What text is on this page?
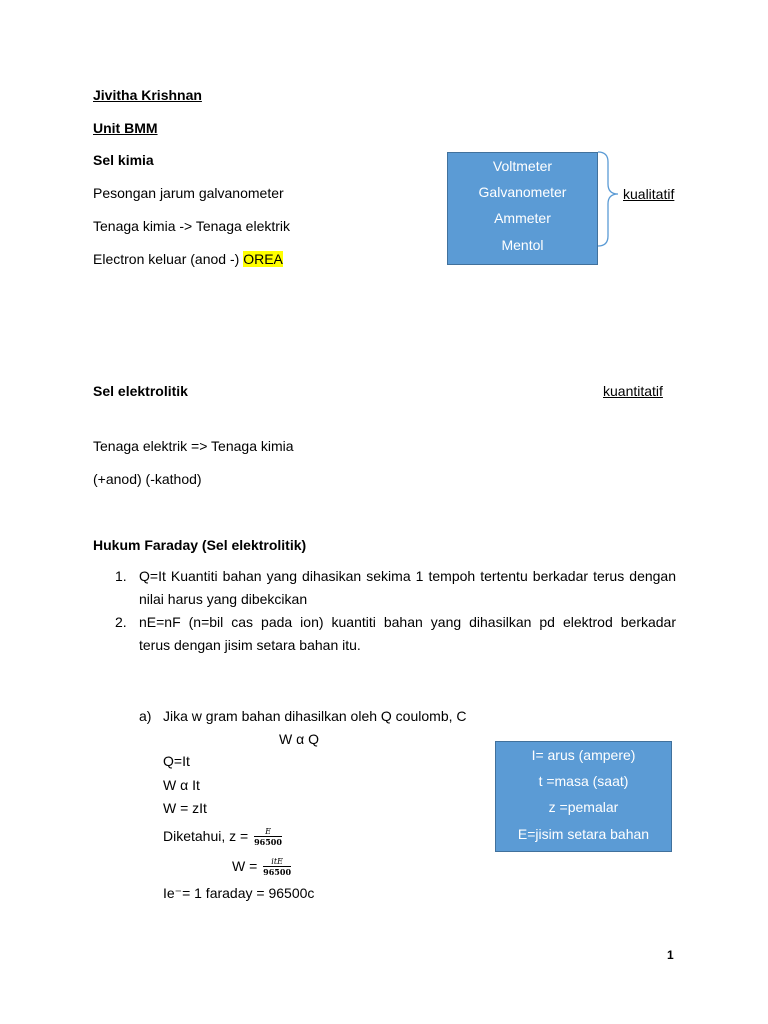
Jivitha Krishnan
Unit BMM
Sel kimia
Pesongan jarum galvanometer
Tenaga kimia -> Tenaga elektrik
Electron keluar (anod -) OREA
Voltmeter
Galvanometer
Ammeter
Mentol
kualitatif
Sel elektrolitik	kuantitatif
Tenaga elektrik => Tenaga kimia
(+anod) (-kathod)
Hukum Faraday (Sel elektrolitik)
1. Q=It Kuantiti bahan yang dihasikan sekima 1 tempoh tertentu berkadar terus dengan
nilai harus yang dibekcikan
2. nE=nF (n=bil cas pada ion) kuantiti bahan yang dihasilkan pd elektrod berkadar
terus dengan jisim setara bahan itu.
a) Jika w gram bahan dihasilkan oleh Q coulomb, C
W α Q
Q=It
W α It
W = zIt
Diketahui, $z = \frac{E}{96500}$
$W = \frac{\text{itE}}{96500}$
Ie⁻= 1 faraday = 96500c
I= arus (ampere)
t =masa (saat)
z =pemalar
E=jisim setara bahan
1
